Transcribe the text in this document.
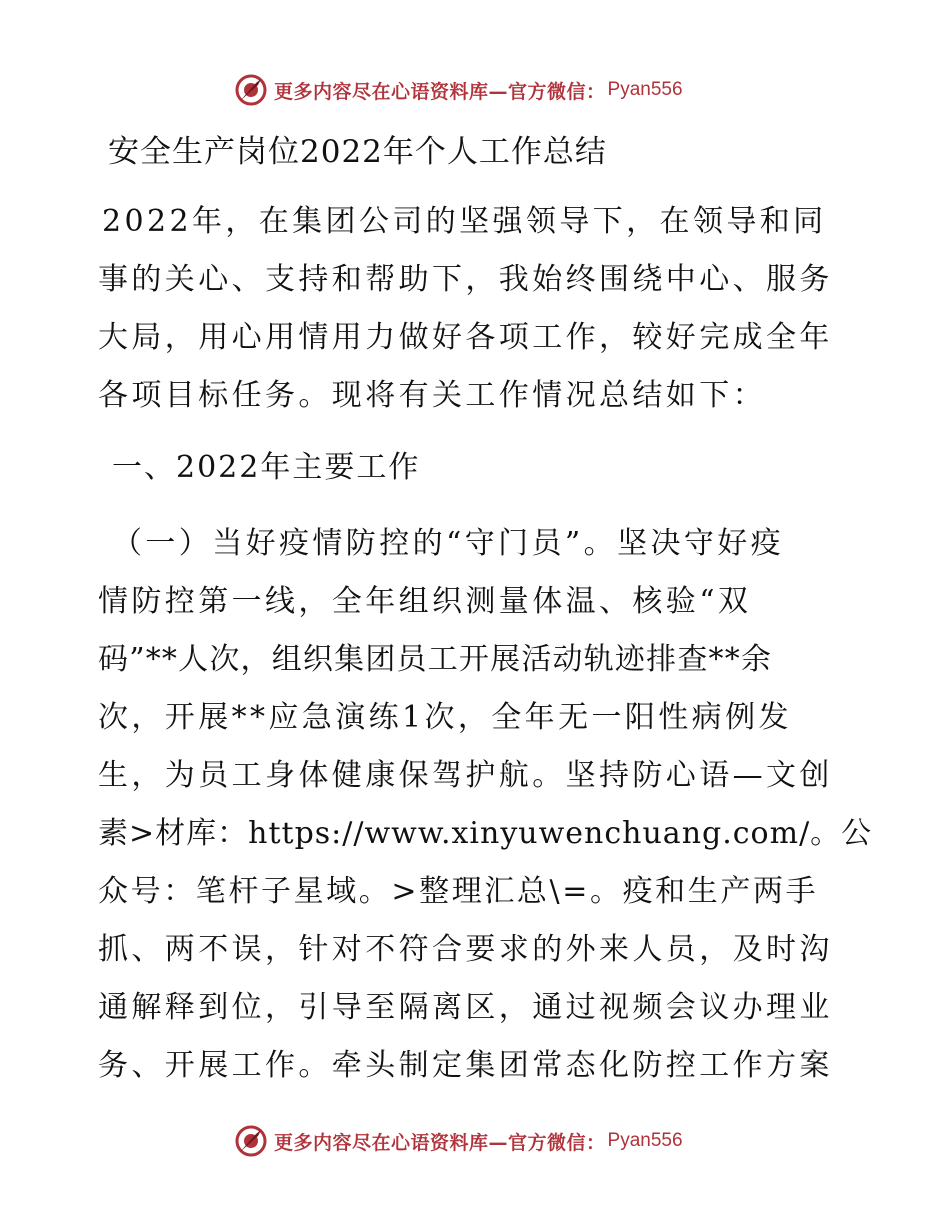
更多内容尽在心语资料库—官方微信： Pyan556
安全生产岗位2022年个人工作总结
2022年，在集团公司的坚强领导下，在领导和同
事的关心、支持和帮助下，我始终围绕中心、服务
大局，用心用情用力做好各项工作，较好完成全年
各项目标任务。现将有关工作情况总结如下：
一、2022年主要工作
（一）当好疫情防控的“守门员”。坚决守好疫
情防控第一线，全年组织测量体温、核验“双
码”**人次，组织集团员工开展活动轨迹排查**余
次，开展**应急演练1次，全年无一阳性病例发
生，为员工身体健康保驾护航。坚持防心语—文创
素>材库：https://www.xinyuwenchuang.com/。公
众号：笔杆子星域。>整理汇总\=。疫和生产两手
抓、两不误，针对不符合要求的外来人员，及时沟
通解释到位，引导至隔离区，通过视频会议办理业
务、开展工作。牵头制定集团常态化防控工作方案
更多内容尽在心语资料库—官方微信： Pyan556
